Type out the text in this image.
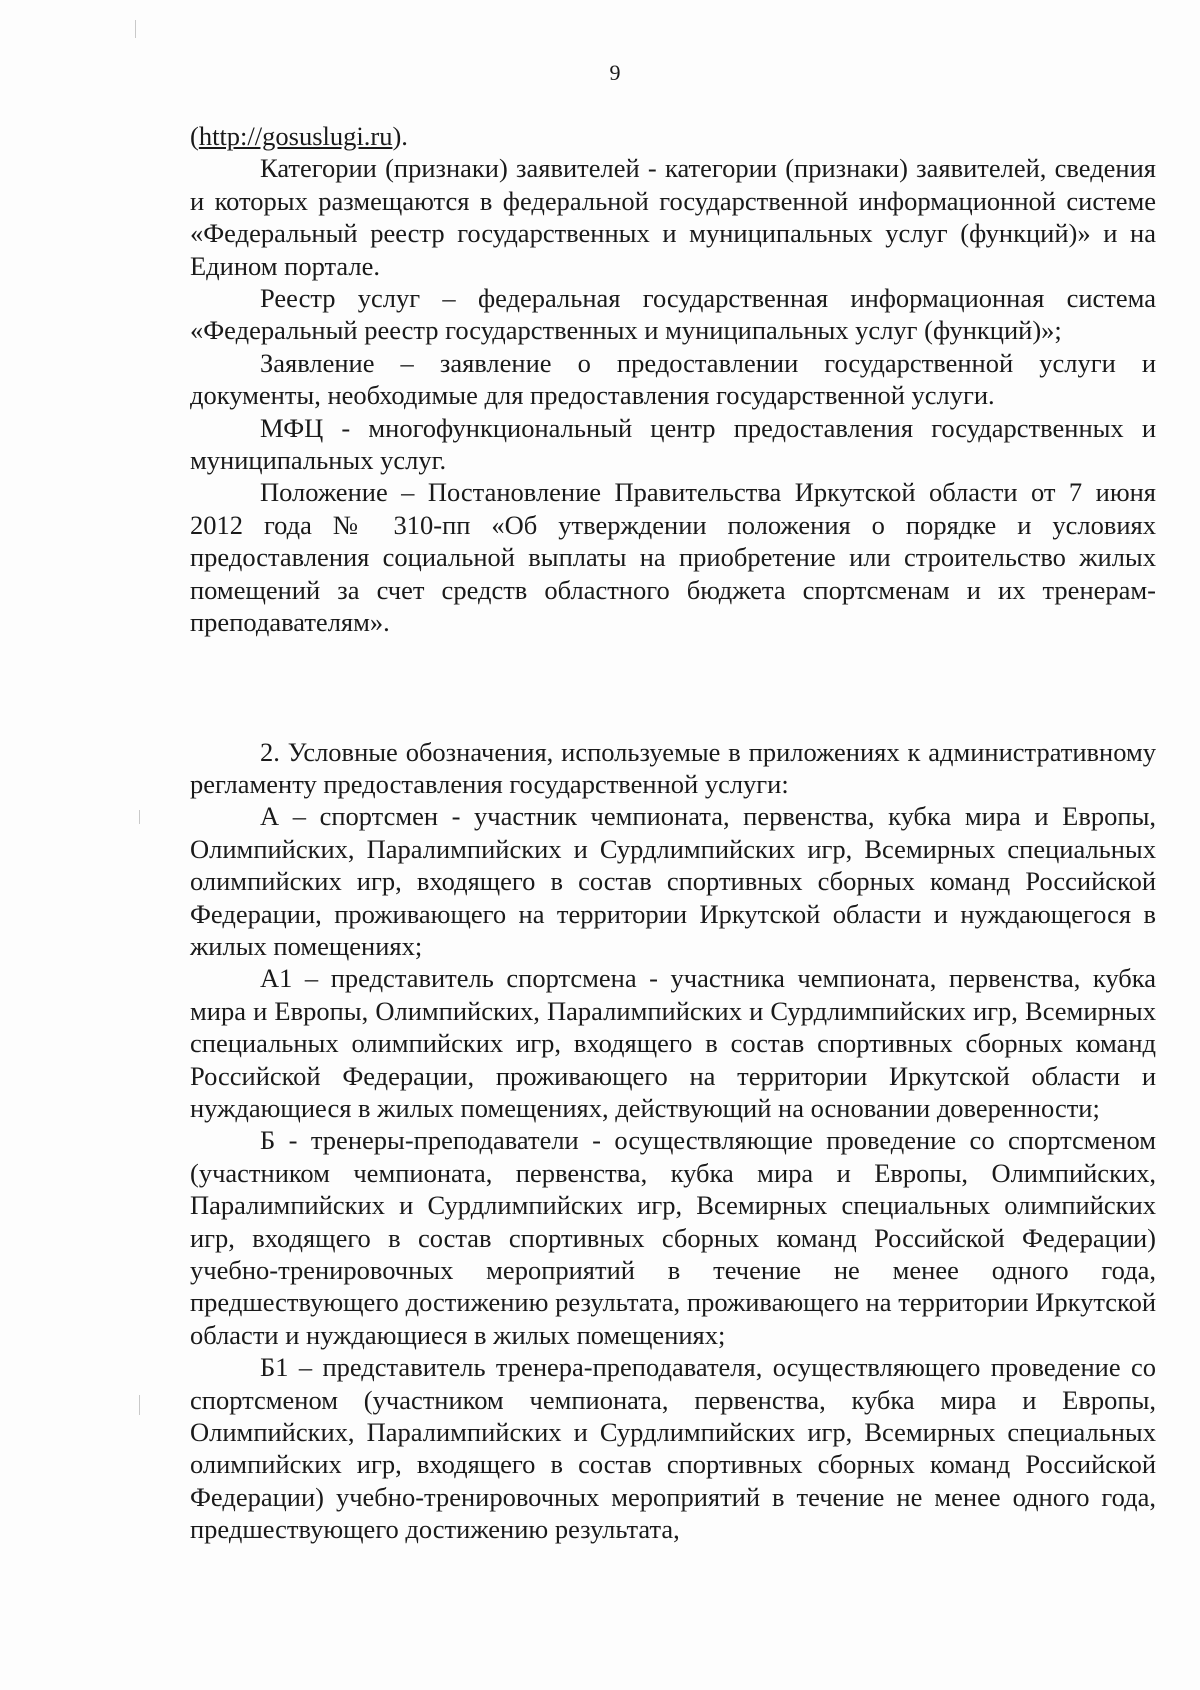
9

(http://gosuslugi.ru).

Категории (признаки) заявителей - категории (признаки) заявителей, сведения и которых размещаются в федеральной государственной информационной системе «Федеральный реестр государственных и муниципальных услуг (функций)» и на Едином портале.

Реестр услуг – федеральная государственная информационная система «Федеральный реестр государственных и муниципальных услуг (функций)»;

Заявление – заявление о предоставлении государственной услуги и документы, необходимые для предоставления государственной услуги.

МФЦ - многофункциональный центр предоставления государственных и муниципальных услуг.

Положение – Постановление Правительства Иркутской области от 7 июня 2012 года № 310-пп «Об утверждении положения о порядке и условиях предоставления социальной выплаты на приобретение или строительство жилых помещений за счет средств областного бюджета спортсменам и их тренерам-преподавателям».

2. Условные обозначения, используемые в приложениях к административному регламенту предоставления государственной услуги:

А – спортсмен - участник чемпионата, первенства, кубка мира и Европы, Олимпийских, Паралимпийских и Сурдлимпийских игр, Всемирных специальных олимпийских игр, входящего в состав спортивных сборных команд Российской Федерации, проживающего на территории Иркутской области и нуждающегося в жилых помещениях;

А1 – представитель спортсмена - участника чемпионата, первенства, кубка мира и Европы, Олимпийских, Паралимпийских и Сурдлимпийских игр, Всемирных специальных олимпийских игр, входящего в состав спортивных сборных команд Российской Федерации, проживающего на территории Иркутской области и нуждающиеся в жилых помещениях, действующий на основании доверенности;

Б - тренеры-преподаватели - осуществляющие проведение со спортсменом (участником чемпионата, первенства, кубка мира и Европы, Олимпийских, Паралимпийских и Сурдлимпийских игр, Всемирных специальных олимпийских игр, входящего в состав спортивных сборных команд Российской Федерации) учебно-тренировочных мероприятий в течение не менее одного года, предшествующего достижению результата, проживающего на территории Иркутской области и нуждающиеся в жилых помещениях;

Б1 – представитель тренера-преподавателя, осуществляющего проведение со спортсменом (участником чемпионата, первенства, кубка мира и Европы, Олимпийских, Паралимпийских и Сурдлимпийских игр, Всемирных специальных олимпийских игр, входящего в состав спортивных сборных команд Российской Федерации) учебно-тренировочных мероприятий в течение не менее одного года, предшествующего достижению результата,
